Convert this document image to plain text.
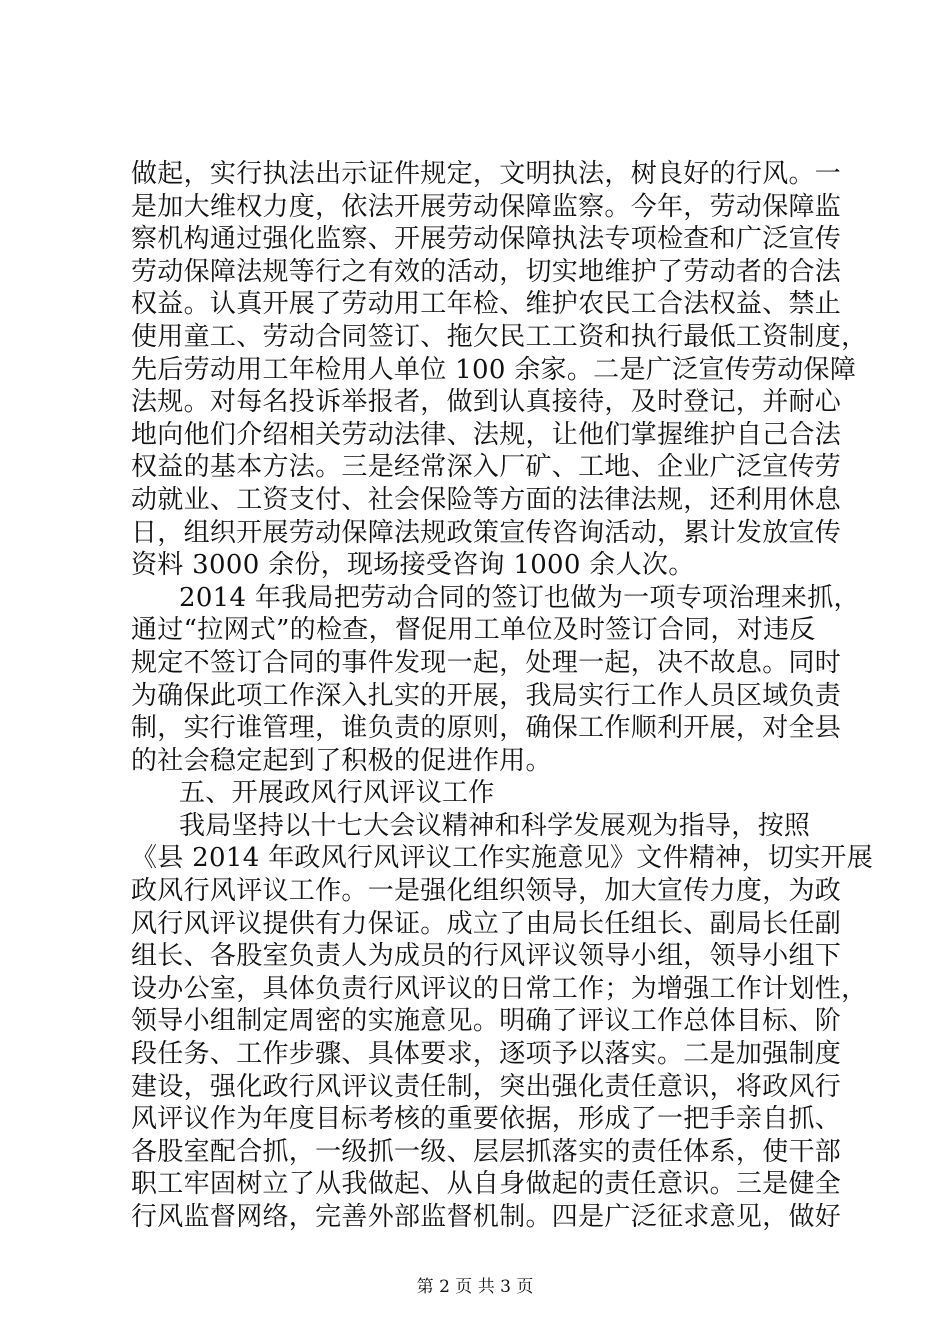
做起，实行执法出示证件规定，文明执法，树良好的行风。一
是加大维权力度，依法开展劳动保障监察。今年，劳动保障监
察机构通过强化监察、开展劳动保障执法专项检查和广泛宣传
劳动保障法规等行之有效的活动，切实地维护了劳动者的合法
权益。认真开展了劳动用工年检、维护农民工合法权益、禁止
使用童工、劳动合同签订、拖欠民工工资和执行最低工资制度，
先后劳动用工年检用人单位 100 余家。二是广泛宣传劳动保障
法规。对每名投诉举报者，做到认真接待，及时登记，并耐心
地向他们介绍相关劳动法律、法规，让他们掌握维护自己合法
权益的基本方法。三是经常深入厂矿、工地、企业广泛宣传劳
动就业、工资支付、社会保险等方面的法律法规，还利用休息
日，组织开展劳动保障法规政策宣传咨询活动，累计发放宣传
资料 3000 余份，现场接受咨询 1000 余人次。
2014 年我局把劳动合同的签订也做为一项专项治理来抓，
通过“拉网式”的检查，督促用工单位及时签订合同，对违反
规定不签订合同的事件发现一起，处理一起，决不故息。同时
为确保此项工作深入扎实的开展，我局实行工作人员区域负责
制，实行谁管理，谁负责的原则，确保工作顺利开展，对全县
的社会稳定起到了积极的促进作用。
五、开展政风行风评议工作
我局坚持以十七大会议精神和科学发展观为指导，按照
《县 2014 年政风行风评议工作实施意见》文件精神，切实开展
政风行风评议工作。一是强化组织领导，加大宣传力度，为政
风行风评议提供有力保证。成立了由局长任组长、副局长任副
组长、各股室负责人为成员的行风评议领导小组，领导小组下
设办公室，具体负责行风评议的日常工作；为增强工作计划性，
领导小组制定周密的实施意见。明确了评议工作总体目标、阶
段任务、工作步骤、具体要求，逐项予以落实。二是加强制度
建设，强化政行风评议责任制，突出强化责任意识，将政风行
风评议作为年度目标考核的重要依据，形成了一把手亲自抓、
各股室配合抓，一级抓一级、层层抓落实的责任体系，使干部
职工牢固树立了从我做起、从自身做起的责任意识。三是健全
行风监督网络，完善外部监督机制。四是广泛征求意见，做好
第 2 页 共 3 页
